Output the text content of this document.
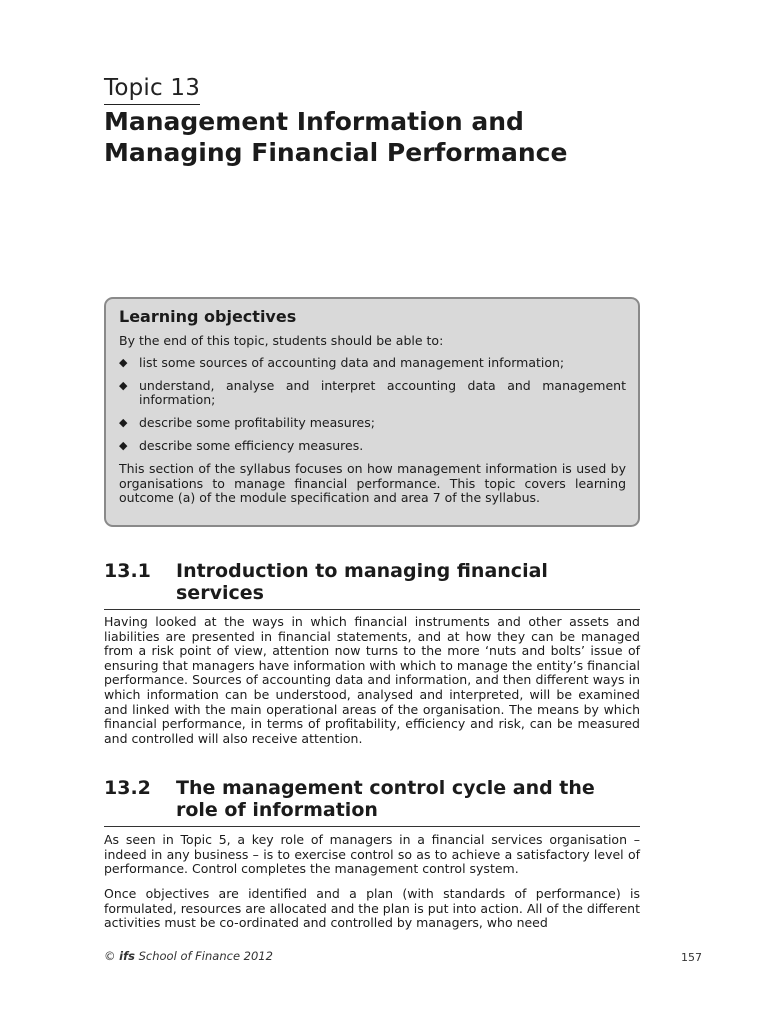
Topic 13
Management Information and
Managing Financial Performance
Learning objectives
By the end of this topic, students should be able to:
◆ list some sources of accounting data and management information;
◆ understand, analyse and interpret accounting data and management information;
◆ describe some profitability measures;
◆ describe some efficiency measures.
This section of the syllabus focuses on how management information is used by organisations to manage financial performance. This topic covers learning outcome (a) of the module specification and area 7 of the syllabus.
13.1 Introduction to managing financial
services

Having looked at the ways in which financial instruments and other assets and liabilities are presented in financial statements, and at how they can be managed from a risk point of view, attention now turns to the more ‘nuts and bolts’ issue of ensuring that managers have information with which to manage the entity’s financial performance. Sources of accounting data and information, and then different ways in which information can be understood, analysed and interpreted, will be examined and linked with the main operational areas of the organisation. The means by which financial performance, in terms of profitability, efficiency and risk, can be measured and controlled will also receive attention.

13.2 The management control cycle and the
role of information

As seen in Topic 5, a key role of managers in a financial services organisation – indeed in any business – is to exercise control so as to achieve a satisfactory level of performance. Control completes the management control system.

Once objectives are identified and a plan (with standards of performance) is formulated, resources are allocated and the plan is put into action. All of the different activities must be co-ordinated and controlled by managers, who need

© ifs School of Finance 2012	157
